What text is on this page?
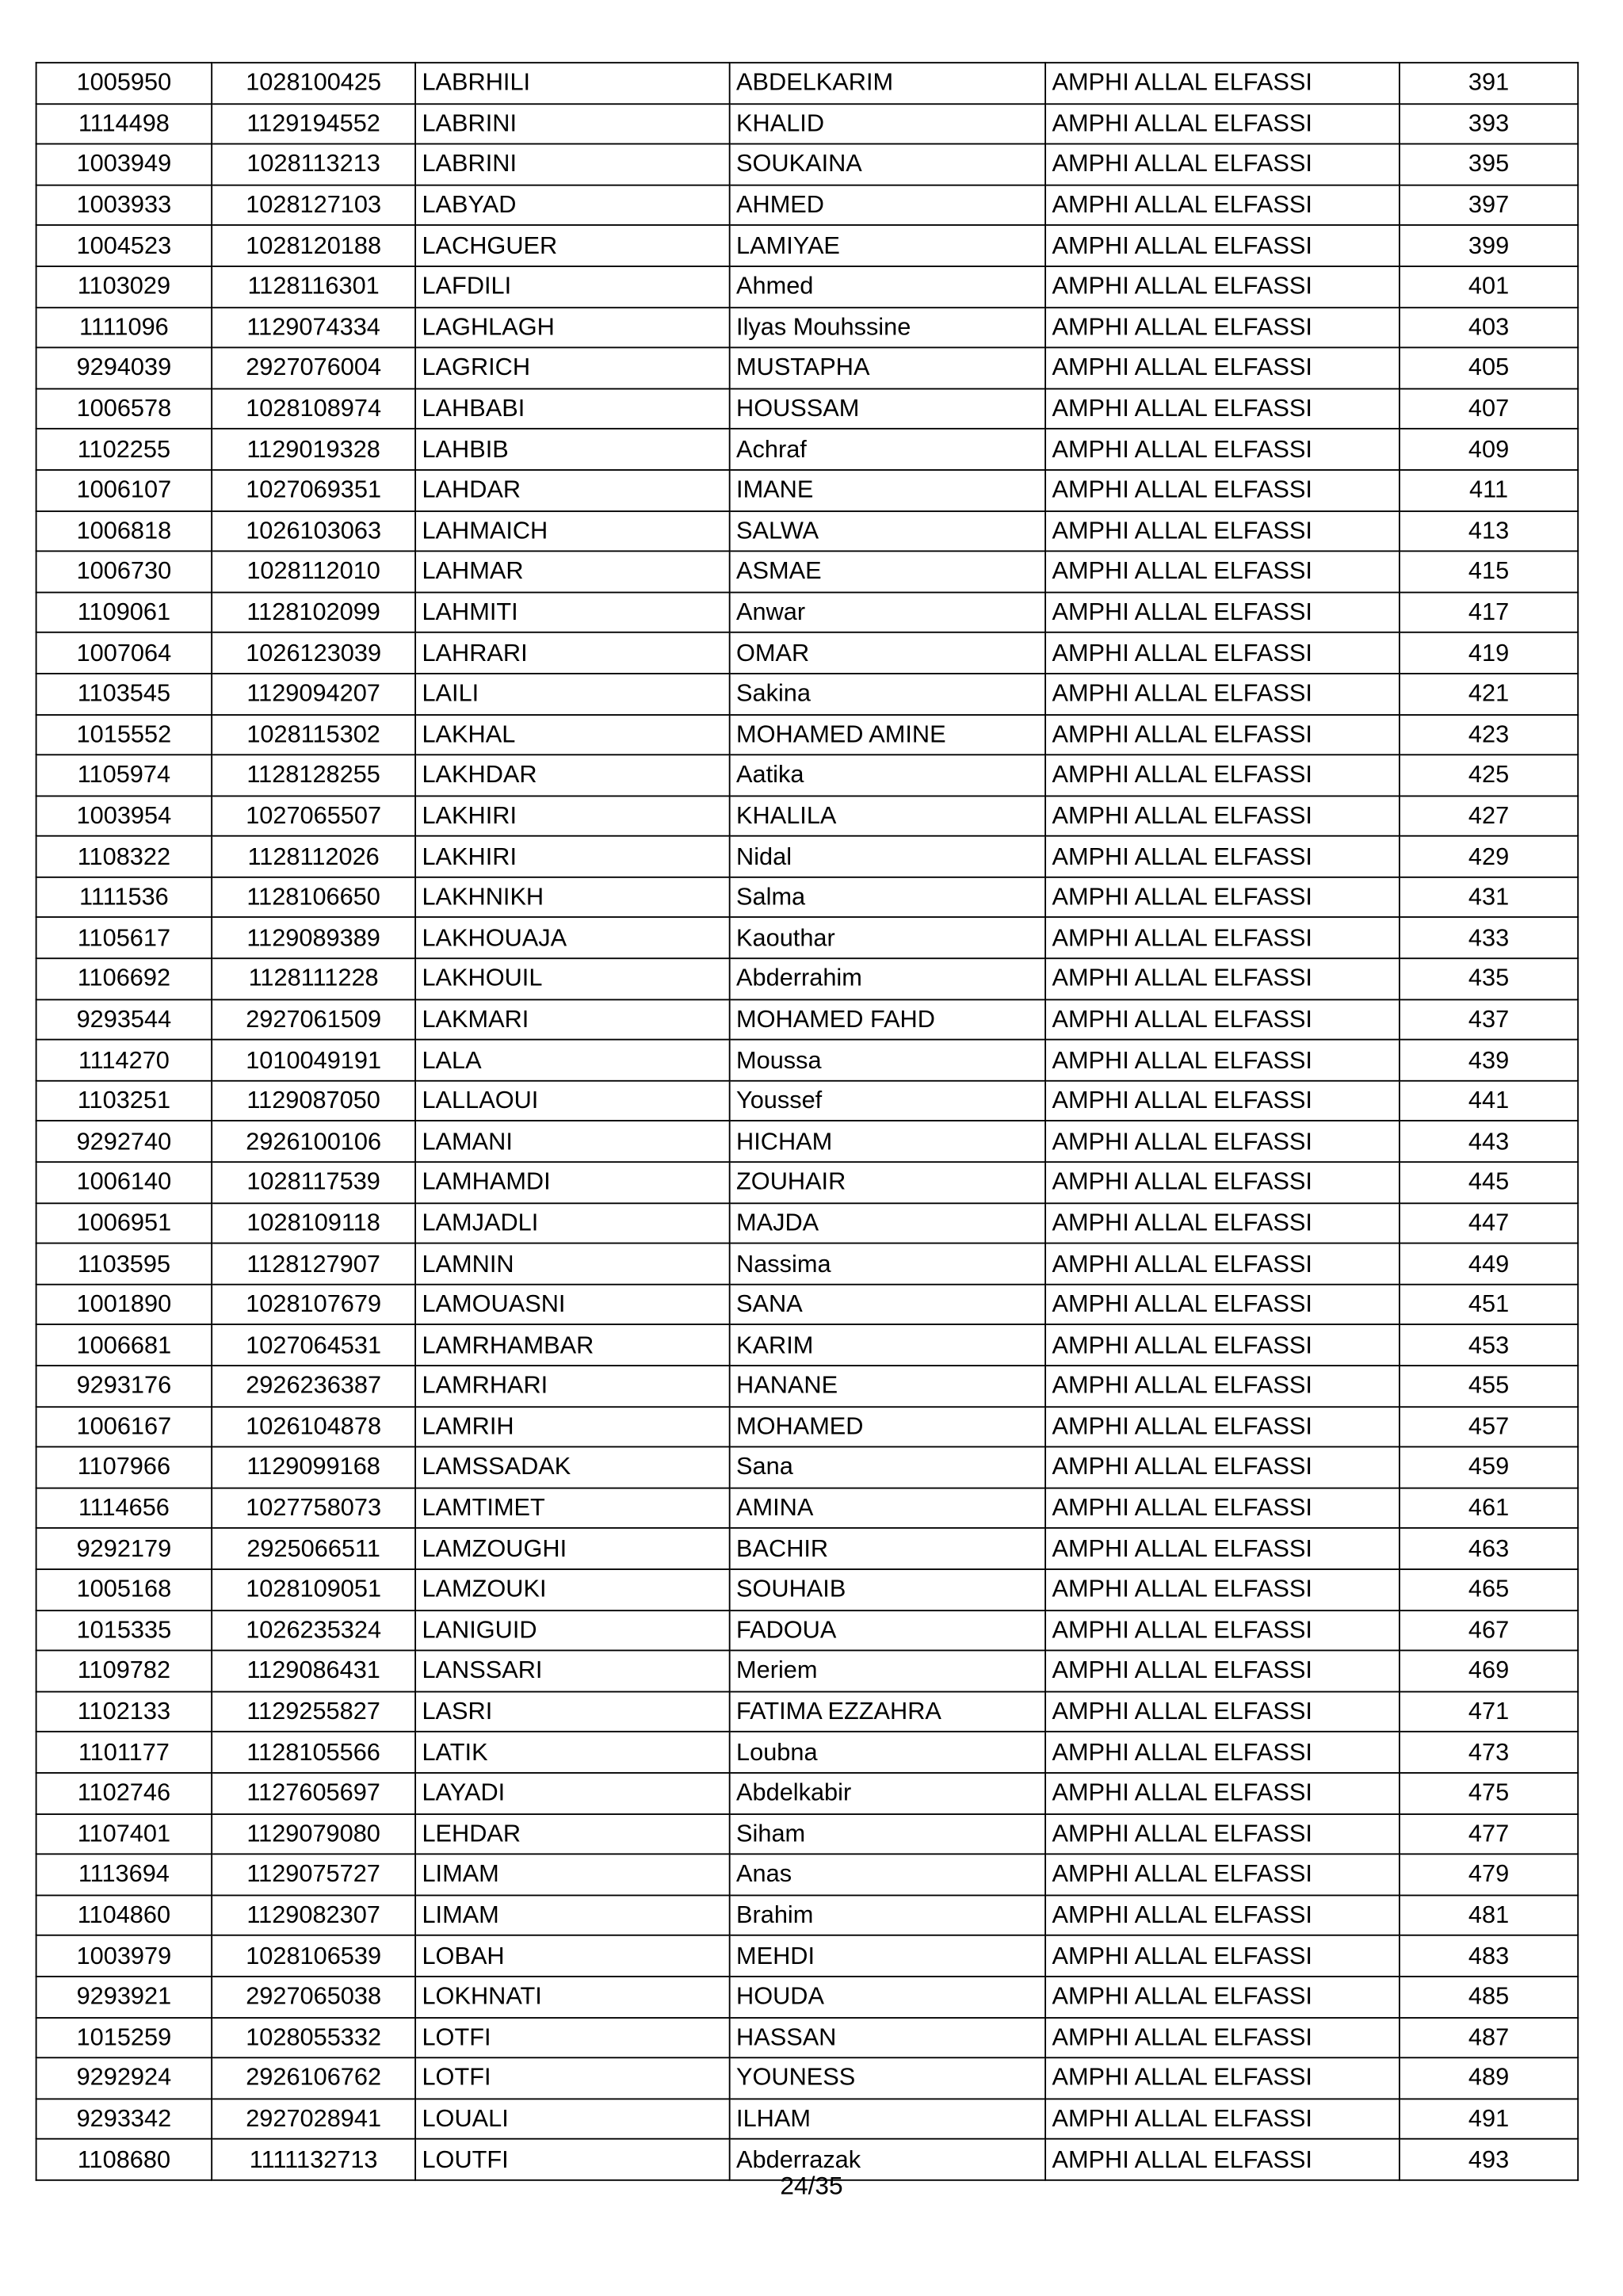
1005950	1028100425	LABRHILI	ABDELKARIM	AMPHI ALLAL ELFASSI	391
1114498	1129194552	LABRINI	KHALID	AMPHI ALLAL ELFASSI	393
1003949	1028113213	LABRINI	SOUKAINA	AMPHI ALLAL ELFASSI	395
1003933	1028127103	LABYAD	AHMED	AMPHI ALLAL ELFASSI	397
1004523	1028120188	LACHGUER	LAMIYAE	AMPHI ALLAL ELFASSI	399
1103029	1128116301	LAFDILI	Ahmed	AMPHI ALLAL ELFASSI	401
1111096	1129074334	LAGHLAGH	Ilyas Mouhssine	AMPHI ALLAL ELFASSI	403
9294039	2927076004	LAGRICH	MUSTAPHA	AMPHI ALLAL ELFASSI	405
1006578	1028108974	LAHBABI	HOUSSAM	AMPHI ALLAL ELFASSI	407
1102255	1129019328	LAHBIB	Achraf	AMPHI ALLAL ELFASSI	409
1006107	1027069351	LAHDAR	IMANE	AMPHI ALLAL ELFASSI	411
1006818	1026103063	LAHMAICH	SALWA	AMPHI ALLAL ELFASSI	413
1006730	1028112010	LAHMAR	ASMAE	AMPHI ALLAL ELFASSI	415
1109061	1128102099	LAHMITI	Anwar	AMPHI ALLAL ELFASSI	417
1007064	1026123039	LAHRARI	OMAR	AMPHI ALLAL ELFASSI	419
1103545	1129094207	LAILI	Sakina	AMPHI ALLAL ELFASSI	421
1015552	1028115302	LAKHAL	MOHAMED AMINE	AMPHI ALLAL ELFASSI	423
1105974	1128128255	LAKHDAR	Aatika	AMPHI ALLAL ELFASSI	425
1003954	1027065507	LAKHIRI	KHALILA	AMPHI ALLAL ELFASSI	427
1108322	1128112026	LAKHIRI	Nidal	AMPHI ALLAL ELFASSI	429
1111536	1128106650	LAKHNIKH	Salma	AMPHI ALLAL ELFASSI	431
1105617	1129089389	LAKHOUAJA	Kaouthar	AMPHI ALLAL ELFASSI	433
1106692	1128111228	LAKHOUIL	Abderrahim	AMPHI ALLAL ELFASSI	435
9293544	2927061509	LAKMARI	MOHAMED FAHD	AMPHI ALLAL ELFASSI	437
1114270	1010049191	LALA	Moussa	AMPHI ALLAL ELFASSI	439
1103251	1129087050	LALLAOUI	Youssef	AMPHI ALLAL ELFASSI	441
9292740	2926100106	LAMANI	HICHAM	AMPHI ALLAL ELFASSI	443
1006140	1028117539	LAMHAMDI	ZOUHAIR	AMPHI ALLAL ELFASSI	445
1006951	1028109118	LAMJADLI	MAJDA	AMPHI ALLAL ELFASSI	447
1103595	1128127907	LAMNIN	Nassima	AMPHI ALLAL ELFASSI	449
1001890	1028107679	LAMOUASNI	SANA	AMPHI ALLAL ELFASSI	451
1006681	1027064531	LAMRHAMBAR	KARIM	AMPHI ALLAL ELFASSI	453
9293176	2926236387	LAMRHARI	HANANE	AMPHI ALLAL ELFASSI	455
1006167	1026104878	LAMRIH	MOHAMED	AMPHI ALLAL ELFASSI	457
1107966	1129099168	LAMSSADAK	Sana	AMPHI ALLAL ELFASSI	459
1114656	1027758073	LAMTIMET	AMINA	AMPHI ALLAL ELFASSI	461
9292179	2925066511	LAMZOUGHI	BACHIR	AMPHI ALLAL ELFASSI	463
1005168	1028109051	LAMZOUKI	SOUHAIB	AMPHI ALLAL ELFASSI	465
1015335	1026235324	LANIGUID	FADOUA	AMPHI ALLAL ELFASSI	467
1109782	1129086431	LANSSARI	Meriem	AMPHI ALLAL ELFASSI	469
1102133	1129255827	LASRI	FATIMA EZZAHRA	AMPHI ALLAL ELFASSI	471
1101177	1128105566	LATIK	Loubna	AMPHI ALLAL ELFASSI	473
1102746	1127605697	LAYADI	Abdelkabir	AMPHI ALLAL ELFASSI	475
1107401	1129079080	LEHDAR	Siham	AMPHI ALLAL ELFASSI	477
1113694	1129075727	LIMAM	Anas	AMPHI ALLAL ELFASSI	479
1104860	1129082307	LIMAM	Brahim	AMPHI ALLAL ELFASSI	481
1003979	1028106539	LOBAH	MEHDI	AMPHI ALLAL ELFASSI	483
9293921	2927065038	LOKHNATI	HOUDA	AMPHI ALLAL ELFASSI	485
1015259	1028055332	LOTFI	HASSAN	AMPHI ALLAL ELFASSI	487
9292924	2926106762	LOTFI	YOUNESS	AMPHI ALLAL ELFASSI	489
9293342	2927028941	LOUALI	ILHAM	AMPHI ALLAL ELFASSI	491
1108680	1111132713	LOUTFI	Abderrazak	AMPHI ALLAL ELFASSI	493
24/35
